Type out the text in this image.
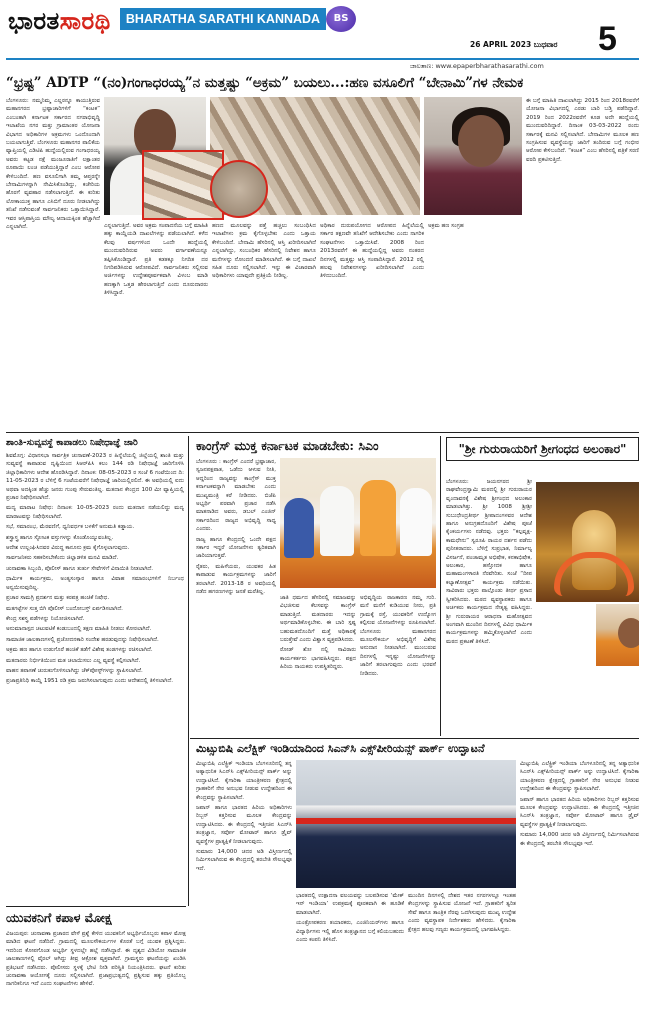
ಭಾರತಸಾರಥಿ	BHARATHA SARATHI KANNADA DAILY
BS
26 APRIL 2023 ಬುಧವಾರ 5
ಜಾಲತಾಣ: www.epaperbharathasarathi.com
“ಭ್ರಷ್ಟ” ADTP “(ನಂ)ಗಂಗಾಧರಯ್ಯ”ನ ಮತ್ತಷ್ಟು “ಅಕ್ರಮ” ಬಯಲು...:ಹಣ ವಸೂಲಿಗೆ “ಬೇನಾಮಿ”ಗಳ ನೇಮಕ
ಬೆಂಗಳೂರು: ನಮ್ಮನಿಮ್ಮ ಎಲ್ಲರನ್ನೂ ಕಾಯುತ್ತಿರುವ ಮಹಾನಗರದ ಭ್ರಷ್ಟಾಚಾರಿಗಳಿಗೆ “ಕಂಟಕ” ಎಂಬಂತಾಗಿ ಕರ್ನಾಟಕ ಸರ್ಕಾರದ ನಗರಾಭಿವೃದ್ಧಿ ಇಲಾಖೆಯ ನಗರ ಮತ್ತು ಗ್ರಾಮಾಂತರ ಯೋಜನಾ ವಿಭಾಗದ ಅಧಿಕಾರಿಗಳ ಅಕ್ರಮಗಳು ಒಂದೊಂದಾಗಿ ಬಯಲಾಗುತ್ತಿವೆ. ಬೆಂಗಳೂರು ಮಹಾನಗರ ಪಾಲಿಕೆಯ ವ್ಯಾಪ್ತಿಯಲ್ಲಿ ಎಡಿಟಿಪಿ ಹುದ್ದೆಯಲ್ಲಿರುವ ಗಂಗಾಧರಯ್ಯ ಅವರು ಕಟ್ಟಡ ನಕ್ಷೆ ಮಂಜೂರಾತಿಗೆ ಲಕ್ಷಾಂತರ ರೂಪಾಯಿ ಲಂಚ ಪಡೆಯುತ್ತಿದ್ದಾರೆ ಎಂಬ ಆರೋಪ ಕೇಳಿಬಂದಿದೆ. ಹಣ ವಸೂಲಿಗಾಗಿ ತಮ್ಮ ಆಪ್ತರನ್ನೇ ಬೇನಾಮಿಗಳನ್ನಾಗಿ ನೇಮಿಸಿಕೊಂಡಿದ್ದು, ಕಚೇರಿಯ ಹೊರಗೆ ವ್ಯವಹಾರ ನಡೆಸಲಾಗುತ್ತಿದೆ. ಈ ಕುರಿತು ಲೋಕಾಯುಕ್ತ ಹಾಗೂ ಎಸಿಬಿಗೆ ದೂರು ನೀಡಲಾಗಿದ್ದು ತನಿಖೆ ನಡೆಸುವಂತೆ ಸಾರ್ವಜನಿಕರು ಒತ್ತಾಯಿಸಿದ್ದಾರೆ. ಇವರ ಆಸ್ತಿಪಾಸ್ತಿಯ ಮೌಲ್ಯ ಆದಾಯಕ್ಕಿಂತ ಹೆಚ್ಚಾಗಿದೆ ಎನ್ನಲಾಗಿದೆ.	ಎನ್ನಲಾಗುತ್ತಿದೆ. ಅವರ ಅಕ್ರಮ ಸಂಪಾದನೆಯ ಬಗ್ಗೆ ಮಾಹಿತಿ ಹಕ್ಕು ಕಾಯ್ದೆಯಡಿ ದಾಖಲೆಗಳನ್ನು ಪಡೆಯಲಾಗಿದೆ. ಕಳೆದ ಕೆಲವು ವರ್ಷಗಳಿಂದ ಒಂದೇ ಹುದ್ದೆಯಲ್ಲಿ ಮುಂದುವರಿದಿರುವ ಅವರು ವರ್ಗಾವಣೆಯನ್ನೂ ತಪ್ಪಿಸಿಕೊಂಡಿದ್ದಾರೆ. ಪ್ರತಿ ಕಡತಕ್ಕೂ ನಿಗದಿತ ದರ ನಿಗದಿಪಡಿಸಿರುವ ಆರೋಪವಿದೆ. ಸಾರ್ವಜನಿಕರು ಸಲ್ಲಿಸುವ ಅರ್ಜಿಗಳನ್ನು ಉದ್ದೇಶಪೂರ್ವಕವಾಗಿ ವಿಳಂಬ ಮಾಡಿ ಹಣಕ್ಕಾಗಿ ಒತ್ತಡ ಹೇರಲಾಗುತ್ತಿದೆ ಎಂದು ದೂರುದಾರರು ತಿಳಿಸಿದ್ದಾರೆ.
ಹಣದ ಮೂಲವನ್ನು ಪತ್ತೆ ಹಚ್ಚಲು ಸಂಬಂಧಿಸಿದ ಇಲಾಖೆಗಳು ಕ್ರಮ ಕೈಗೊಳ್ಳಬೇಕು ಎಂದು ಒತ್ತಾಯ ಕೇಳಿಬಂದಿದೆ. ಬೇನಾಮಿ ಹೆಸರಿನಲ್ಲಿ ಆಸ್ತಿ ಖರೀದಿಸಲಾಗಿದೆ ಎನ್ನಲಾಗಿದ್ದು, ಸಂಬಂಧಿಕರ ಹೆಸರಿನಲ್ಲಿ ನಿವೇಶನ ಹಾಗೂ ಮನೆಗಳನ್ನು ನೋಂದಣಿ ಮಾಡಿಸಲಾಗಿದೆ. ಈ ಬಗ್ಗೆ ದಾಖಲೆ ಸಹಿತ ದೂರು ಸಲ್ಲಿಸಲಾಗಿದೆ. ಇನ್ನು ಈ ವಿಚಾರವಾಗಿ ಅಧಿಕಾರಿಗಳು ಯಾವುದೇ ಪ್ರತಿಕ್ರಿಯೆ ನೀಡಿಲ್ಲ.
ಅಧಿಕಾರ ದುರುಪಯೋಗದ ಆರೋಪದ ಹಿನ್ನೆಲೆಯಲ್ಲಿ ಸರ್ಕಾರ ತಕ್ಷಣವೇ ತನಿಖೆಗೆ ಆದೇಶಿಸಬೇಕು ಎಂದು ನಾಗರಿಕ ಸಂಘಟನೆಗಳು ಒತ್ತಾಯಿಸಿವೆ. 2008 ರಿಂದ 2013ರವರೆಗೆ ಈ ಹುದ್ದೆಯಲ್ಲಿದ್ದ ಅವರು ನಂತರದ ದಿನಗಳಲ್ಲಿ ಮತ್ತಷ್ಟು ಆಸ್ತಿ ಸಂಪಾದಿಸಿದ್ದಾರೆ. 2012 ರಲ್ಲಿ ಹಲವು ನಿವೇಶನಗಳನ್ನು ಖರೀದಿಸಲಾಗಿದೆ ಎಂದು ತಿಳಿದುಬಂದಿದೆ.
ಈ ಬಗ್ಗೆ ಮಾಹಿತಿ ದಾಖಲಾಗಿದ್ದು 2015 ರಿಂದ 2018ರವರೆಗೆ ಯೋಜನಾ ವಿಭಾಗದಲ್ಲಿ ಎರಡು ಬಾರಿ ಬಡ್ತಿ ಪಡೆದಿದ್ದಾರೆ. 2019 ರಿಂದ 2022ರವರೆಗೆ ಕೂಡ ಅದೇ ಹುದ್ದೆಯಲ್ಲಿ ಮುಂದುವರಿದಿದ್ದಾರೆ. ದಿನಾಂಕ 03-03-2022 ರಂದು ಸರ್ಕಾರಕ್ಕೆ ಮನವಿ ಸಲ್ಲಿಸಲಾಗಿದೆ. ಬೇನಾಮಿಗಳ ಮೂಲಕ ಹಣ ಸಂಗ್ರಹಿಸುವ ವ್ಯವಸ್ಥೆಯನ್ನು ಜಾರಿಗೆ ತಂದಿರುವ ಬಗ್ಗೆ ಗಂಭೀರ ಆರೋಪ ಕೇಳಿಬಂದಿದೆ. “ಕಂಟಕ” ಎಂಬ ಹೆಸರಿನಲ್ಲಿ ಪತ್ರಿಕೆ ಸರಣಿ ವರದಿ ಪ್ರಕಟಿಸುತ್ತಿದೆ.
ಅಕ್ರಮ ಹಣ ಸಂಗ್ರಹ
ಶಾಂತಿ-ಸುವ್ಯವಸ್ಥೆ ಕಾಪಾಡಲು ನಿಷೇಧಾಜ್ಞೆ ಜಾರಿ

ಶಿವಮೊಗ್ಗ: ವಿಧಾನಸಭಾ ಸಾರ್ವತ್ರಿಕ ಚುನಾವಣೆ-2023 ರ ಹಿನ್ನೆಲೆಯಲ್ಲಿ ಜಿಲ್ಲೆಯಲ್ಲಿ ಶಾಂತಿ ಮತ್ತು ಸುವ್ಯವಸ್ಥೆ ಕಾಪಾಡುವ ದೃಷ್ಟಿಯಿಂದ ಸಿಆರ್‌ಪಿಸಿ ಕಲಂ 144 ರಡಿ ನಿಷೇಧಾಜ್ಞೆ ಜಾರಿಗೊಳಿಸಿ ಜಿಲ್ಲಾಧಿಕಾರಿಗಳು ಆದೇಶ ಹೊರಡಿಸಿದ್ದಾರೆ. ದಿನಾಂಕ: 08-05-2023 ರ ಸಂಜೆ 6 ಗಂಟೆಯಿಂದ ದಿ: 11-05-2023 ರ ಬೆಳಿಗ್ಗೆ 6 ಗಂಟೆಯವರೆಗೆ ನಿಷೇಧಾಜ್ಞೆ ಜಾರಿಯಲ್ಲಿರಲಿದೆ. ಈ ಅವಧಿಯಲ್ಲಿ ಐದು ಅಥವಾ ಅದಕ್ಕಿಂತ ಹೆಚ್ಚು ಜನರು ಗುಂಪು ಸೇರುವಂತಿಲ್ಲ. ಮತದಾನ ಕೇಂದ್ರದ 100 ಮೀ ವ್ಯಾಪ್ತಿಯಲ್ಲಿ ಪ್ರಚಾರ ನಿಷೇಧಿಸಲಾಗಿದೆ.

ಮದ್ಯ ಮಾರಾಟ ನಿಷೇಧ: ದಿನಾಂಕ: 10-05-2023 ರಂದು ಮತದಾನ ನಡೆಯಲಿದ್ದು ಮದ್ಯ ಮಾರಾಟವನ್ನು ನಿಷೇಧಿಸಲಾಗಿದೆ.

ಸಭೆ, ಸಮಾರಂಭ, ಮೆರವಣಿಗೆ, ಧ್ವನಿವರ್ಧಕ ಬಳಕೆಗೆ ಅನುಮತಿ ಕಡ್ಡಾಯ.

ಶಸ್ತ್ರಾಸ್ತ್ರ ಹಾಗೂ ಸ್ಫೋಟಕ ವಸ್ತುಗಳನ್ನು ಕೊಂಡೊಯ್ಯುವಂತಿಲ್ಲ.

ಆದೇಶ ಉಲ್ಲಂಘಿಸಿದವರ ವಿರುದ್ಧ ಕಾನೂನು ಕ್ರಮ ಕೈಗೊಳ್ಳಲಾಗುವುದು.

ಸಾರ್ವಜನಿಕರು ಸಹಕರಿಸಬೇಕೆಂದು ಜಿಲ್ಲಾಡಳಿತ ಮನವಿ ಮಾಡಿದೆ.

ಚುನಾವಣಾ ಸಿಬ್ಬಂದಿ, ಪೊಲೀಸ್ ಹಾಗೂ ತುರ್ತು ಸೇವೆಗಳಿಗೆ ವಿನಾಯಿತಿ ನೀಡಲಾಗಿದೆ.

ಧಾರ್ಮಿಕ ಕಾರ್ಯಕ್ರಮ, ಅಂತ್ಯಸಂಸ್ಕಾರ ಹಾಗೂ ವಿವಾಹ ಸಮಾರಂಭಗಳಿಗೆ ನಿರ್ಬಂಧ ಅನ್ವಯಿಸುವುದಿಲ್ಲ.

ಪ್ರಚಾರ ಸಾಮಗ್ರಿ ಪ್ರದರ್ಶನ ಮತ್ತು ಕರಪತ್ರ ಹಂಚಿಕೆ ನಿಷೇಧ.

ಮತಗಟ್ಟೆಗಳ ಸುತ್ತ ಬಿಗಿ ಪೊಲೀಸ್ ಬಂದೋಬಸ್ತ್ ಏರ್ಪಡಿಸಲಾಗಿದೆ.

ಕೇಂದ್ರ ಸಶಸ್ತ್ರ ಪಡೆಗಳನ್ನು ನಿಯೋಜಿಸಲಾಗಿದೆ.

ಅನುಮಾನಾಸ್ಪದ ಚಟುವಟಿಕೆ ಕಂಡುಬಂದಲ್ಲಿ ತಕ್ಷಣ ಮಾಹಿತಿ ನೀಡಲು ಕೋರಲಾಗಿದೆ.

ಸಾಮಾಜಿಕ ಜಾಲತಾಣಗಳಲ್ಲಿ ಪ್ರಚೋದನಕಾರಿ ಸಂದೇಶ ಹರಡುವುದನ್ನು ನಿಷೇಧಿಸಲಾಗಿದೆ.

ಅಕ್ರಮ ಹಣ ಹಾಗೂ ಉಡುಗೊರೆ ಹಂಚಿಕೆ ತಡೆಗೆ ವಿಶೇಷ ತಂಡಗಳನ್ನು ರಚಿಸಲಾಗಿದೆ.

ಮತದಾರರು ನಿರ್ಭೀತಿಯಿಂದ ಮತ ಚಲಾಯಿಸಲು ಎಲ್ಲ ವ್ಯವಸ್ಥೆ ಕಲ್ಪಿಸಲಾಗಿದೆ.

ವಾಹನ ತಪಾಸಣೆ ಚುರುಕುಗೊಳಿಸಲಾಗಿದ್ದು ಚೆಕ್‌ಪೋಸ್ಟ್‌ಗಳನ್ನು ಸ್ಥಾಪಿಸಲಾಗಿದೆ.

ಪ್ರಜಾಪ್ರತಿನಿಧಿ ಕಾಯ್ದೆ 1951 ರಡಿ ಕ್ರಮ ಜರುಗಿಸಲಾಗುವುದು ಎಂದು ಆದೇಶದಲ್ಲಿ ತಿಳಿಸಲಾಗಿದೆ.

ಕಾಂಗ್ರೆಸ್ ಮುಕ್ತ ಕರ್ನಾಟಕ ಮಾಡಬೇಕು: ಸಿಎಂ

ಬೆಂಗಳೂರು : ಕಾಂಗ್ರೆಸ್ ಎಂದರೆ ಭ್ರಷ್ಟಾಚಾರ, ಸ್ವಜನಪಕ್ಷಪಾತ, ಒಡೆದು ಆಳುವ ನೀತಿ, ಆದ್ದರಿಂದ ರಾಜ್ಯವನ್ನು ಕಾಂಗ್ರೆಸ್ ಮುಕ್ತ ಕರ್ನಾಟಕವನ್ನಾಗಿ ಮಾಡಬೇಕು ಎಂದು ಮುಖ್ಯಮಂತ್ರಿ ಕರೆ ನೀಡಿದರು. ಬಿಜೆಪಿ ಅಭ್ಯರ್ಥಿ ಪರವಾಗಿ ಪ್ರಚಾರ ನಡೆಸಿ ಮಾತನಾಡಿದ ಅವರು, ಡಬಲ್ ಎಂಜಿನ್ ಸರ್ಕಾರದಿಂದ ರಾಜ್ಯದ ಅಭಿವೃದ್ಧಿ ಸಾಧ್ಯ ಎಂದರು.

ರಾಜ್ಯ ಹಾಗೂ ಕೇಂದ್ರದಲ್ಲಿ ಒಂದೇ ಪಕ್ಷದ ಸರ್ಕಾರ ಇದ್ದರೆ ಯೋಜನೆಗಳು ತ್ವರಿತವಾಗಿ ಜಾರಿಯಾಗುತ್ತವೆ.

ರೈತರು, ಮಹಿಳೆಯರು, ಯುವಕರ ಹಿತ ಕಾಪಾಡುವ ಕಾರ್ಯಕ್ರಮಗಳನ್ನು ಜಾರಿಗೆ ತರಲಾಗಿದೆ. 2013-18 ರ ಅವಧಿಯಲ್ಲಿ ನಡೆದ ಹಗರಣಗಳನ್ನು ಜನತೆ ಮರೆತಿಲ್ಲ.

ಜಾತಿ ಧರ್ಮದ ಹೆಸರಿನಲ್ಲಿ ಸಮಾಜವನ್ನು ವಿಭಜಿಸುವ ಕೆಲಸವನ್ನು ಕಾಂಗ್ರೆಸ್ ಮಾಡುತ್ತಿದೆ. ಮತದಾರರು ಇದನ್ನು ಅರ್ಥಮಾಡಿಕೊಳ್ಳಬೇಕು. ಈ ಬಾರಿ ಸ್ಪಷ್ಟ ಬಹುಮತದೊಂದಿಗೆ ಮತ್ತೆ ಅಧಿಕಾರಕ್ಕೆ ಬರುತ್ತೇವೆ ಎಂದು ವಿಶ್ವಾಸ ವ್ಯಕ್ತಪಡಿಸಿದರು.

ರೋಡ್ ಶೋ ನಲ್ಲಿ ಸಾವಿರಾರು ಕಾರ್ಯಕರ್ತರು ಭಾಗವಹಿಸಿದ್ದರು. ಪಕ್ಷದ ಹಿರಿಯ ನಾಯಕರು ಉಪಸ್ಥಿತರಿದ್ದರು.

ಅಭಿವೃದ್ಧಿಯ ರಾಜಕಾರಣ ನಮ್ಮ ಗುರಿ. ಮನೆ ಮನೆಗೆ ಕುಡಿಯುವ ನೀರು, ಪ್ರತಿ ಗ್ರಾಮಕ್ಕೆ ರಸ್ತೆ, ಯುವಕರಿಗೆ ಉದ್ಯೋಗ ಕಲ್ಪಿಸುವ ಯೋಜನೆಗಳನ್ನು ರೂಪಿಸಲಾಗಿದೆ. ಬೆಂಗಳೂರು ಮಹಾನಗರದ ಮೂಲಸೌಕರ್ಯ ಅಭಿವೃದ್ಧಿಗೆ ವಿಶೇಷ ಅನುದಾನ ನೀಡಲಾಗಿದೆ. ಮುಂಬರುವ ದಿನಗಳಲ್ಲಿ ಇನ್ನಷ್ಟು ಯೋಜನೆಗಳನ್ನು ಜಾರಿಗೆ ತರಲಾಗುವುದು ಎಂದು ಭರವಸೆ ನೀಡಿದರು.
"ಶ್ರೀ ಗುರುರಾಯರಿಗೆ ಶ್ರೀಗಂಧದ ಅಲಂಕಾರ"
ಬೆಂಗಳೂರು: ಜಯನಗರದ ಶ್ರೀ ರಾಘವೇಂದ್ರಸ್ವಾಮಿ ಮಠದಲ್ಲಿ ಶ್ರೀ ಗುರುರಾಯರ ವೃಂದಾವನಕ್ಕೆ ವಿಶೇಷ ಶ್ರೀಗಂಧದ ಅಲಂಕಾರ ಮಾಡಲಾಗಿತ್ತು. ಶ್ರೀ 1008 ಶ್ರೀಶ್ರೀ ಸುಬುಧೇಂದ್ರತೀರ್ಥ ಶ್ರೀಪಾದಂಗಳವರ ಆದೇಶ ಹಾಗೂ ಅನುಗ್ರಹದೊಂದಿಗೆ ವಿಶೇಷ ಪೂಜೆ ಕೈಂಕರ್ಯಗಳು ನಡೆದವು. ಭಕ್ತರು “ಕಲ್ಪವೃಕ್ಷ-ಕಾಮಧೇನು” ಸ್ವರೂಪಿ ರಾಯರ ದರ್ಶನ ಪಡೆದು ಪುನೀತರಾದರು. ಬೆಳಿಗ್ಗೆ ಸುಪ್ರಭಾತ, ನಿರ್ಮಾಲ್ಯ ವಿಸರ್ಜನೆ, ಪಂಚಾಮೃತ ಅಭಿಷೇಕ, ಕನಕಾಭಿಷೇಕ, ಅಲಂಕಾರ, ಹಸ್ತೋದಕ ಹಾಗೂ ಮಹಾಮಂಗಳಾರತಿ ನೆರವೇರಿತು. ಸಂಜೆ “ದೀಪ ಕಲ್ಯಾಣೋತ್ಸವ” ಕಾರ್ಯಕ್ರಮ ನಡೆಯಿತು. ಸಾವಿರಾರು ಭಕ್ತರು ಪಾಲ್ಗೊಂಡು ತೀರ್ಥ ಪ್ರಸಾದ ಸ್ವೀಕರಿಸಿದರು. ಮಠದ ವ್ಯವಸ್ಥಾಪಕರು ಹಾಗೂ ಅರ್ಚಕರು ಕಾರ್ಯಕ್ರಮದ ನೇತೃತ್ವ ವಹಿಸಿದ್ದರು. ಶ್ರೀ ಗುರುರಾಯರ ಆರಾಧನಾ ಮಹೋತ್ಸವದ ಅಂಗವಾಗಿ ಮುಂದಿನ ದಿನಗಳಲ್ಲಿ ವಿವಿಧ ಧಾರ್ಮಿಕ ಕಾರ್ಯಕ್ರಮಗಳನ್ನು ಹಮ್ಮಿಕೊಳ್ಳಲಾಗಿದೆ ಎಂದು ಮಠದ ಪ್ರಕಟಣೆ ತಿಳಿಸಿದೆ.
ಮಿಟ್ಸುಬಿಷಿ ಎಲೆಕ್ಟ್ರಿಕ್ ಇಂಡಿಯಾದಿಂದ ಸಿಎನ್‌ಸಿ ಎಕ್ಸ್‌ಪೀರಿಯನ್ಸ್ ಪಾರ್ಕ್ ಉದ್ಘಾಟನೆ

ಮಿಟ್ಸುಬಿಷಿ ಎಲೆಕ್ಟ್ರಿಕ್ ಇಂಡಿಯಾ ಬೆಂಗಳೂರಿನಲ್ಲಿ ತನ್ನ ಅತ್ಯಾಧುನಿಕ ಸಿಎನ್‌ಸಿ ಎಕ್ಸ್‌ಪೀರಿಯನ್ಸ್ ಪಾರ್ಕ್ ಅನ್ನು ಉದ್ಘಾಟಿಸಿದೆ. ಕೈಗಾರಿಕಾ ಯಾಂತ್ರೀಕರಣ ಕ್ಷೇತ್ರದಲ್ಲಿ ಗ್ರಾಹಕರಿಗೆ ನೇರ ಅನುಭವ ನೀಡುವ ಉದ್ದೇಶದಿಂದ ಈ ಕೇಂದ್ರವನ್ನು ಸ್ಥಾಪಿಸಲಾಗಿದೆ.

ಜಪಾನ್ ಹಾಗೂ ಭಾರತದ ಹಿರಿಯ ಅಧಿಕಾರಿಗಳು ರಿಬ್ಬನ್ ಕತ್ತರಿಸುವ ಮೂಲಕ ಕೇಂದ್ರವನ್ನು ಉದ್ಘಾಟಿಸಿದರು. ಈ ಕೇಂದ್ರದಲ್ಲಿ ಇತ್ತೀಚಿನ ಸಿಎನ್‌ಸಿ ತಂತ್ರಜ್ಞಾನ, ಸರ್ವೋ ಮೋಟಾರ್ ಹಾಗೂ ಡ್ರೈವ್ ವ್ಯವಸ್ಥೆಗಳ ಪ್ರಾತ್ಯಕ್ಷಿಕೆ ನೀಡಲಾಗುವುದು.

ಸುಮಾರು 14,000 ಚದರ ಅಡಿ ವಿಸ್ತೀರ್ಣದಲ್ಲಿ ನಿರ್ಮಿಸಲಾಗಿರುವ ಈ ಕೇಂದ್ರದಲ್ಲಿ ತರಬೇತಿ ಸೌಲಭ್ಯವೂ ಇದೆ.

ಭಾರತದಲ್ಲಿ ಉತ್ಪಾದನಾ ವಲಯವನ್ನು ಬಲಪಡಿಸುವ ‘ಮೇಕ್ ಇನ್ ಇಂಡಿಯಾ’ ಉಪಕ್ರಮಕ್ಕೆ ಪೂರಕವಾಗಿ ಈ ಹೂಡಿಕೆ ಮಾಡಲಾಗಿದೆ.

ಯಂತ್ರೋಪಕರಣ ತಯಾರಕರು, ಎಂಜಿನಿಯರ್‌ಗಳು ಹಾಗೂ ವಿದ್ಯಾರ್ಥಿಗಳು ಇಲ್ಲಿ ಹೊಸ ತಂತ್ರಜ್ಞಾನದ ಬಗ್ಗೆ ಕಲಿಯಬಹುದು ಎಂದು ಕಂಪನಿ ತಿಳಿಸಿದೆ.

ಮುಂದಿನ ದಿನಗಳಲ್ಲಿ ದೇಶದ ಇತರ ನಗರಗಳಲ್ಲೂ ಇಂತಹ ಕೇಂದ್ರಗಳನ್ನು ಸ್ಥಾಪಿಸುವ ಯೋಜನೆ ಇದೆ. ಗ್ರಾಹಕರಿಗೆ ತ್ವರಿತ ಸೇವೆ ಹಾಗೂ ತಾಂತ್ರಿಕ ನೆರವು ಒದಗಿಸುವುದು ಮುಖ್ಯ ಉದ್ದೇಶ ಎಂದು ವ್ಯವಸ್ಥಾಪಕ ನಿರ್ದೇಶಕರು ಹೇಳಿದರು. ಕೈಗಾರಿಕಾ ಕ್ಷೇತ್ರದ ಹಲವು ಗಣ್ಯರು ಕಾರ್ಯಕ್ರಮದಲ್ಲಿ ಭಾಗವಹಿಸಿದ್ದರು.

ಮಿಟ್ಸುಬಿಷಿ ಎಲೆಕ್ಟ್ರಿಕ್ ಇಂಡಿಯಾ ಬೆಂಗಳೂರಿನಲ್ಲಿ ತನ್ನ ಅತ್ಯಾಧುನಿಕ ಸಿಎನ್‌ಸಿ ಎಕ್ಸ್‌ಪೀರಿಯನ್ಸ್ ಪಾರ್ಕ್ ಅನ್ನು ಉದ್ಘಾಟಿಸಿದೆ. ಕೈಗಾರಿಕಾ ಯಾಂತ್ರೀಕರಣ ಕ್ಷೇತ್ರದಲ್ಲಿ ಗ್ರಾಹಕರಿಗೆ ನೇರ ಅನುಭವ ನೀಡುವ ಉದ್ದೇಶದಿಂದ ಈ ಕೇಂದ್ರವನ್ನು ಸ್ಥಾಪಿಸಲಾಗಿದೆ.

ಜಪಾನ್ ಹಾಗೂ ಭಾರತದ ಹಿರಿಯ ಅಧಿಕಾರಿಗಳು ರಿಬ್ಬನ್ ಕತ್ತರಿಸುವ ಮೂಲಕ ಕೇಂದ್ರವನ್ನು ಉದ್ಘಾಟಿಸಿದರು. ಈ ಕೇಂದ್ರದಲ್ಲಿ ಇತ್ತೀಚಿನ ಸಿಎನ್‌ಸಿ ತಂತ್ರಜ್ಞಾನ, ಸರ್ವೋ ಮೋಟಾರ್ ಹಾಗೂ ಡ್ರೈವ್ ವ್ಯವಸ್ಥೆಗಳ ಪ್ರಾತ್ಯಕ್ಷಿಕೆ ನೀಡಲಾಗುವುದು.

ಸುಮಾರು 14,000 ಚದರ ಅಡಿ ವಿಸ್ತೀರ್ಣದಲ್ಲಿ ನಿರ್ಮಿಸಲಾಗಿರುವ ಈ ಕೇಂದ್ರದಲ್ಲಿ ತರಬೇತಿ ಸೌಲಭ್ಯವೂ ಇದೆ.

ಯುವಕನಿಗೆ ಕಪಾಳ ಮೋಕ್ಷ
ವಿಜಯಪುರ: ಚುನಾವಣಾ ಪ್ರಚಾರದ ವೇಳೆ ಪ್ರಶ್ನೆ ಕೇಳಿದ ಯುವಕನಿಗೆ ಅಭ್ಯರ್ಥಿಯೊಬ್ಬರು ಕಪಾಳ ಮೋಕ್ಷ ಮಾಡಿದ ಘಟನೆ ನಡೆದಿದೆ. ಗ್ರಾಮದಲ್ಲಿ ಮೂಲಸೌಕರ್ಯಗಳ ಕೊರತೆ ಬಗ್ಗೆ ಯುವಕ ಪ್ರಶ್ನಿಸಿದ್ದರು. ಇದರಿಂದ ಕೋಪಗೊಂಡ ಅಭ್ಯರ್ಥಿ ಸ್ಥಳದಲ್ಲೇ ಹಲ್ಲೆ ನಡೆಸಿದ್ದಾರೆ. ಈ ದೃಶ್ಯದ ವಿಡಿಯೋ ಸಾಮಾಜಿಕ ಜಾಲತಾಣಗಳಲ್ಲಿ ವೈರಲ್ ಆಗಿದ್ದು ತೀವ್ರ ಆಕ್ರೋಶ ವ್ಯಕ್ತವಾಗಿದೆ. ಗ್ರಾಮಸ್ಥರು ಘಟನೆಯನ್ನು ಖಂಡಿಸಿ ಪ್ರತಿಭಟನೆ ನಡೆಸಿದರು. ಪೊಲೀಸರು ಸ್ಥಳಕ್ಕೆ ಭೇಟಿ ನೀಡಿ ಪರಿಸ್ಥಿತಿ ನಿಯಂತ್ರಿಸಿದರು. ಘಟನೆ ಕುರಿತು ಚುನಾವಣಾ ಆಯೋಗಕ್ಕೆ ದೂರು ಸಲ್ಲಿಸಲಾಗಿದೆ. ಪ್ರಜಾಪ್ರಭುತ್ವದಲ್ಲಿ ಪ್ರಶ್ನಿಸುವ ಹಕ್ಕು ಪ್ರತಿಯೊಬ್ಬ ನಾಗರಿಕನಿಗೂ ಇದೆ ಎಂದು ಸಂಘಟನೆಗಳು ಹೇಳಿವೆ.
